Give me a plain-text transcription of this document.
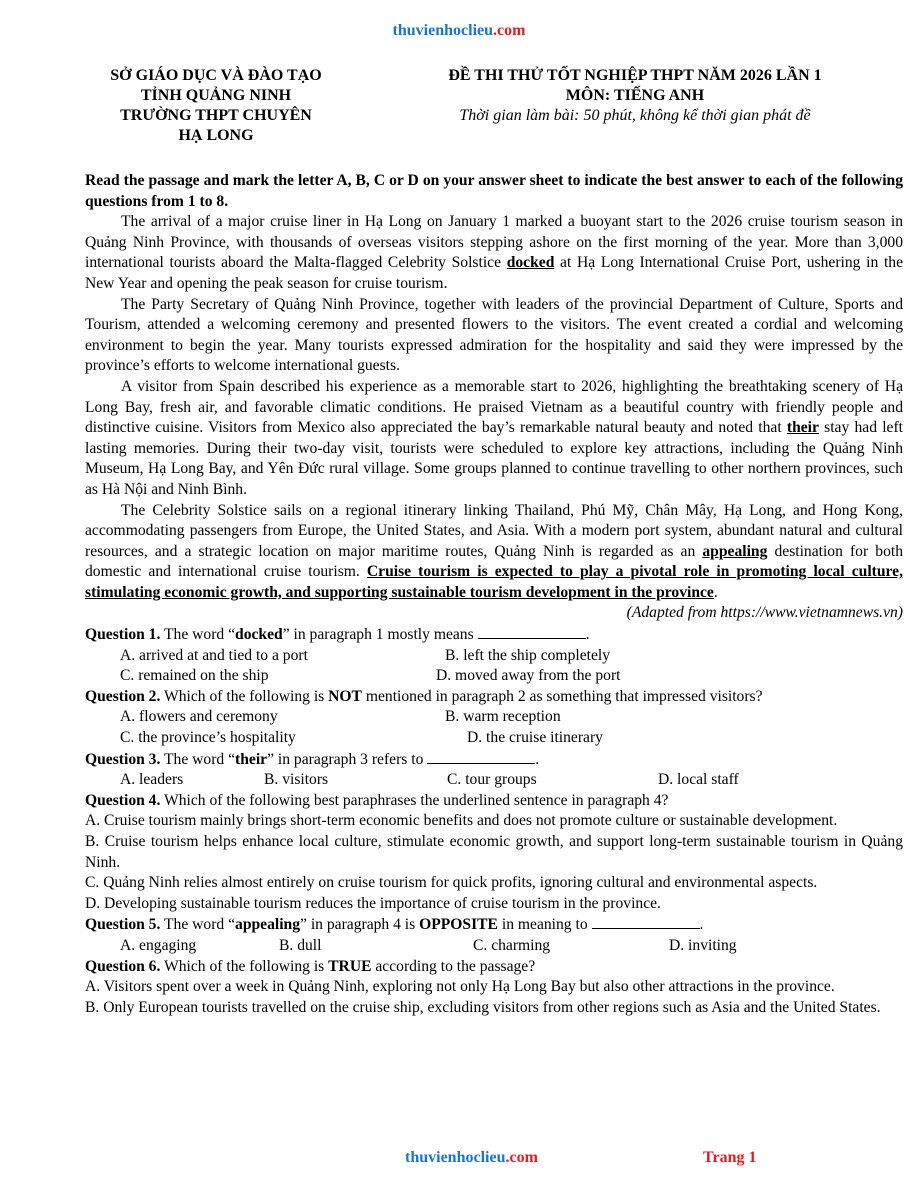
thuvienhoclieu.com
SỞ GIÁO DỤC VÀ ĐÀO TẠO
TỈNH QUẢNG NINH
TRƯỜNG THPT CHUYÊN
HẠ LONG
ĐỀ THI THỬ TỐT NGHIỆP THPT NĂM 2026 LẦN 1
MÔN: TIẾNG ANH
Thời gian làm bài: 50 phút, không kể thời gian phát đề

Read the passage and mark the letter A, B, C or D on your answer sheet to indicate the best answer to each of the following questions from 1 to 8.

The arrival of a major cruise liner in Hạ Long on January 1 marked a buoyant start to the 2026 cruise tourism season in Quảng Ninh Province, with thousands of overseas visitors stepping ashore on the first morning of the year. More than 3,000 international tourists aboard the Malta-flagged Celebrity Solstice docked at Hạ Long International Cruise Port, ushering in the New Year and opening the peak season for cruise tourism.

The Party Secretary of Quảng Ninh Province, together with leaders of the provincial Department of Culture, Sports and Tourism, attended a welcoming ceremony and presented flowers to the visitors. The event created a cordial and welcoming environment to begin the year. Many tourists expressed admiration for the hospitality and said they were impressed by the province’s efforts to welcome international guests.

A visitor from Spain described his experience as a memorable start to 2026, highlighting the breathtaking scenery of Hạ Long Bay, fresh air, and favorable climatic conditions. He praised Vietnam as a beautiful country with friendly people and distinctive cuisine. Visitors from Mexico also appreciated the bay’s remarkable natural beauty and noted that their stay had left lasting memories. During their two-day visit, tourists were scheduled to explore key attractions, including the Quảng Ninh Museum, Hạ Long Bay, and Yên Đức rural village. Some groups planned to continue travelling to other northern provinces, such as Hà Nội and Ninh Bình.

The Celebrity Solstice sails on a regional itinerary linking Thailand, Phú Mỹ, Chân Mây, Hạ Long, and Hong Kong, accommodating passengers from Europe, the United States, and Asia. With a modern port system, abundant natural and cultural resources, and a strategic location on major maritime routes, Quảng Ninh is regarded as an appealing destination for both domestic and international cruise tourism. Cruise tourism is expected to play a pivotal role in promoting local culture, stimulating economic growth, and supporting sustainable tourism development in the province.

(Adapted from https://www.vietnamnews.vn)

Question 1. The word “docked” in paragraph 1 mostly means	.

A. arrived at and tied to a port	B. left the ship completely
C. remained on the ship	D. moved away from the port

Question 2. Which of the following is NOT mentioned in paragraph 2 as something that impressed visitors?

A. flowers and ceremony	B. warm reception
C. the province’s hospitality	D. the cruise itinerary

Question 3. The word “their” in paragraph 3 refers to	.

A. leaders	B. visitors	C. tour groups	D. local staff

Question 4. Which of the following best paraphrases the underlined sentence in paragraph 4?

A. Cruise tourism mainly brings short-term economic benefits and does not promote culture or sustainable development.

B. Cruise tourism helps enhance local culture, stimulate economic growth, and support long-term sustainable tourism in Quảng Ninh.

C. Quảng Ninh relies almost entirely on cruise tourism for quick profits, ignoring cultural and environmental aspects.

D. Developing sustainable tourism reduces the importance of cruise tourism in the province.

Question 5. The word “appealing” in paragraph 4 is OPPOSITE in meaning to	.

A. engaging	B. dull	C. charming	D. inviting

Question 6. Which of the following is TRUE according to the passage?

A. Visitors spent over a week in Quảng Ninh, exploring not only Hạ Long Bay but also other attractions in the province.

B. Only European tourists travelled on the cruise ship, excluding visitors from other regions such as Asia and the United States.

thuvienhoclieu.com	Trang 1
